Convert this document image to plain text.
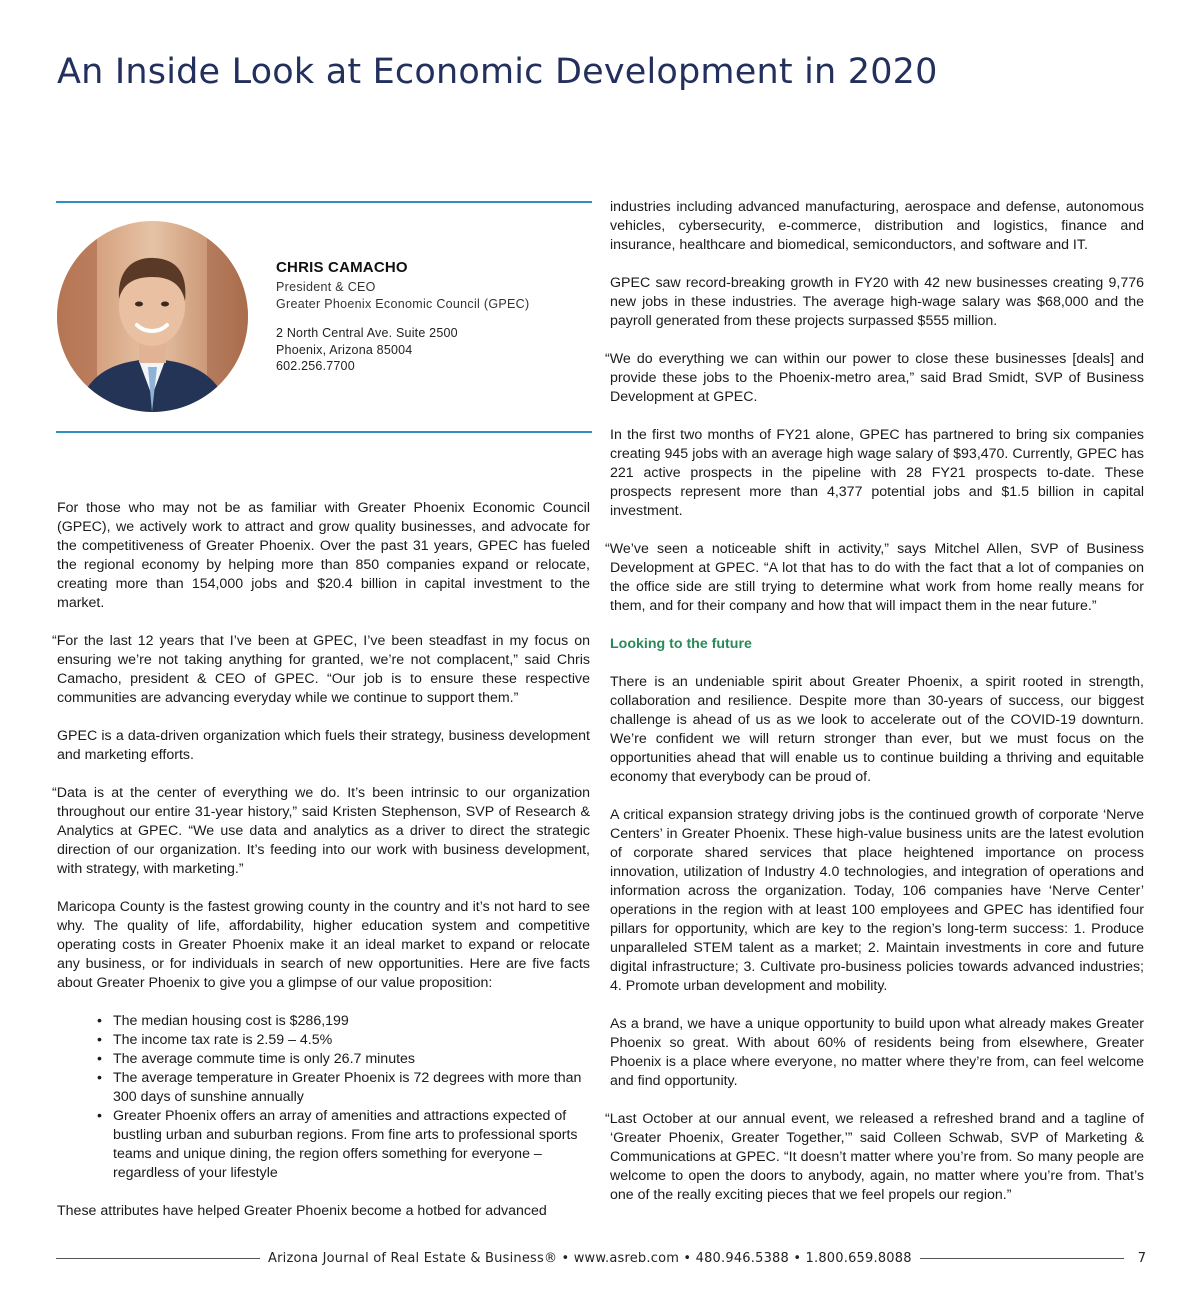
An Inside Look at Economic Development in 2020
CHRIS CAMACHO
President & CEO
Greater Phoenix Economic Council (GPEC)
2 North Central Ave. Suite 2500
Phoenix, Arizona 85004
602.256.7700

For those who may not be as familiar with Greater Phoenix Economic Council (GPEC), we actively work to attract and grow quality businesses, and advocate for the competitiveness of Greater Phoenix. Over the past 31 years, GPEC has fueled the regional economy by helping more than 850 companies expand or relocate, creating more than 154,000 jobs and $20.4 billion in capital investment to the market.

“For the last 12 years that I’ve been at GPEC, I’ve been steadfast in my focus on ensuring we’re not taking anything for granted, we’re not complacent,” said Chris Camacho, president & CEO of GPEC. “Our job is to ensure these respective communities are advancing everyday while we continue to support them.”

GPEC is a data-driven organization which fuels their strategy, business development and marketing efforts.

“Data is at the center of everything we do. It’s been intrinsic to our organization throughout our entire 31-year history,” said Kristen Stephenson, SVP of Research & Analytics at GPEC. “We use data and analytics as a driver to direct the strategic direction of our organization. It’s feeding into our work with business development, with strategy, with marketing.”

Maricopa County is the fastest growing county in the country and it’s not hard to see why. The quality of life, affordability, higher education system and competitive operating costs in Greater Phoenix make it an ideal market to expand or relocate any business, or for individuals in search of new opportunities. Here are five facts about Greater Phoenix to give you a glimpse of our value proposition:

• The median housing cost is $286,199
• The income tax rate is 2.59 – 4.5%
• The average commute time is only 26.7 minutes
• The average temperature in Greater Phoenix is 72 degrees with more than 300 days of sunshine annually
• Greater Phoenix offers an array of amenities and attractions expected of bustling urban and suburban regions. From fine arts to professional sports teams and unique dining, the region offers something for everyone – regardless of your lifestyle

These attributes have helped Greater Phoenix become a hotbed for advanced

industries including advanced manufacturing, aerospace and defense, autonomous vehicles, cybersecurity, e-commerce, distribution and logistics, finance and insurance, healthcare and biomedical, semiconductors, and software and IT.

GPEC saw record-breaking growth in FY20 with 42 new businesses creating 9,776 new jobs in these industries. The average high-wage salary was $68,000 and the payroll generated from these projects surpassed $555 million.

“We do everything we can within our power to close these businesses [deals] and provide these jobs to the Phoenix-metro area,” said Brad Smidt, SVP of Business Development at GPEC.

In the first two months of FY21 alone, GPEC has partnered to bring six companies creating 945 jobs with an average high wage salary of $93,470. Currently, GPEC has 221 active prospects in the pipeline with 28 FY21 prospects to-date. These prospects represent more than 4,377 potential jobs and $1.5 billion in capital investment.

“We’ve seen a noticeable shift in activity,” says Mitchel Allen, SVP of Business Development at GPEC. “A lot that has to do with the fact that a lot of companies on the office side are still trying to determine what work from home really means for them, and for their company and how that will impact them in the near future.”

Looking to the future

There is an undeniable spirit about Greater Phoenix, a spirit rooted in strength, collaboration and resilience. Despite more than 30-years of success, our biggest challenge is ahead of us as we look to accelerate out of the COVID-19 downturn. We’re confident we will return stronger than ever, but we must focus on the opportunities ahead that will enable us to continue building a thriving and equitable economy that everybody can be proud of.

A critical expansion strategy driving jobs is the continued growth of corporate ‘Nerve Centers’ in Greater Phoenix. These high-value business units are the latest evolution of corporate shared services that place heightened importance on process innovation, utilization of Industry 4.0 technologies, and integration of operations and information across the organization. Today, 106 companies have ‘Nerve Center’ operations in the region with at least 100 employees and GPEC has identified four pillars for opportunity, which are key to the region’s long-term success: 1. Produce unparalleled STEM talent as a market; 2. Maintain investments in core and future digital infrastructure; 3. Cultivate pro-business policies towards advanced industries; 4. Promote urban development and mobility.

As a brand, we have a unique opportunity to build upon what already makes Greater Phoenix so great. With about 60% of residents being from elsewhere, Greater Phoenix is a place where everyone, no matter where they’re from, can feel welcome and find opportunity.

“Last October at our annual event, we released a refreshed brand and a tagline of ‘Greater Phoenix, Greater Together,’” said Colleen Schwab, SVP of Marketing & Communications at GPEC. “It doesn’t matter where you’re from. So many people are welcome to open the doors to anybody, again, no matter where you’re from. That’s one of the really exciting pieces that we feel propels our region.”

Arizona Journal of Real Estate & Business® • www.asreb.com • 480.946.5388 • 1.800.659.8088	7
